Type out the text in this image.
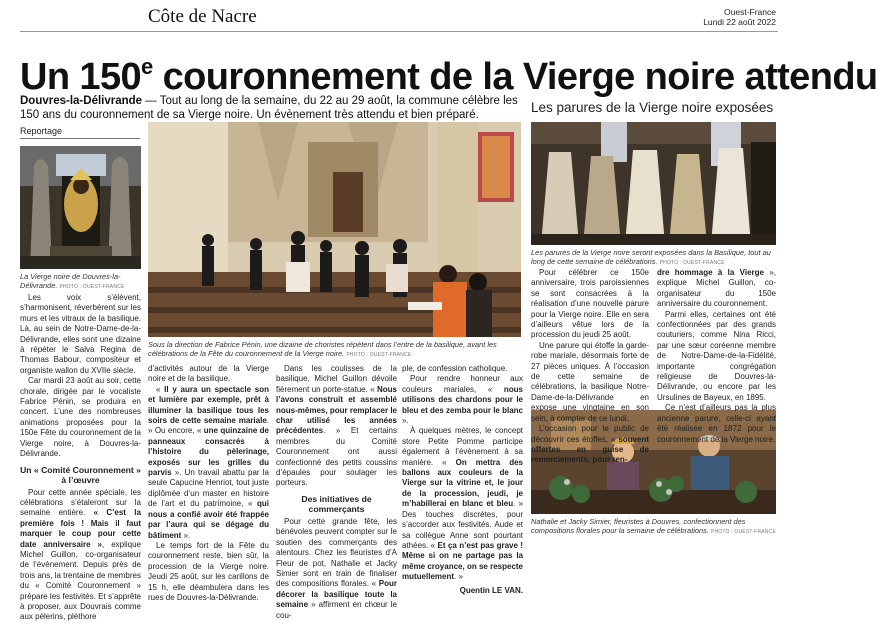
Côte de Nacre	Ouest-France
Lundi 22 août 2022
Un 150e couronnement de la Vierge noire attendu
Douvres-la-Délivrande — Tout au long de la semaine, du 22 au 29 août, la commune célèbre les 150 ans du couronnement de sa Vierge noire. Un évènement très attendu et bien préparé.	Les parures de la Vierge noire exposées
Reportage
La Vierge noire de Douvres-la-Délivrande. PHOTO : OUEST-FRANCE
Sous la direction de Fabrice Pénin, une dizaine de choristes répètent dans l’entre de la basilique, avant les célébrations de la Fête du couronnement de la Vierge noire. PHOTO : OUEST-FRANCE
Les parures de la Vierge noire seront exposées dans la Basilique, tout au long de cette semaine de célébrations. PHOTO : OUEST-FRANCE
Nathalie et Jacky Simier, fleuristes à Douvres, confectionnent des compositions florales pour la semaine de célébrations. PHOTO : OUEST-FRANCE

Les voix s’élèvent, s’harmonisent, réverbèrent sur les murs et les vitraux de la basilique. Là, au sein de Notre-Dame-de-la-Délivrande, elles sont une dizaine à répéter le Salva Regina de Thomas Babour, compositeur et organiste wallon du XVIIe siècle.

Car mardi 23 août au soir, cette chorale, dirigée par le vocaliste Fabrice Pénin, se produira en concert. L’une des nombreuses animations proposées pour la 150e Fête du couronnement de la Vierge noire, à Douvres-la-Délivrande.

Un « Comité Couronnement » à l’œuvre

Pour cette année spéciale, les célébrations s’étaleront sur la semaine entière. « C’est la première fois ! Mais il faut marquer le coup pour cette date anniversaire », explique Michel Guillon, co-organisateur de l’évènement. Depuis près de trois ans, la trentaine de membres du « Comité Couronnement » prépare les festivités. Et s’apprête à proposer, aux Douvrais comme aux pèlerins, pléthore

d’activités autour de la Vierge noire et de la basilique.

« Il y aura un spectacle son et lumière par exemple, prêt à illuminer la basilique tous les soirs de cette semaine mariale. » Ou encore, « une quinzaine de panneaux consacrés à l’histoire du pèlerinage, exposés sur les grilles du parvis ». Un travail abattu par la seule Capucine Henriot, tout juste diplômée d’un master en histoire de l’art et du patrimoine, « qui nous a confié avoir été frappée par l’aura qui se dégage du bâtiment ».

Le temps fort de la Fête du couronnement reste, bien sûr, la procession de la Vierge noire. Jeudi 25 août, sur les carillons de 15 h, elle déambulera dans les rues de Douvres-la-Délivrande.

Dans les coulisses de la basilique, Michel Guillon dévoile fièrement un porte-statue. « Nous l’avons construit et assemblé nous-mêmes, pour remplacer le char utilisé les années précédentes. » Et certains membres du Comité Couronnement ont aussi confectionné des petits coussins d’épaules pour soulager les porteurs.

Des initiatives de commerçants

Pour cette grande fête, les bénévoles peuvent compter sur le soutien des commerçants des alentours. Chez les fleuristes d’A Fleur de pot, Nathalie et Jacky Simier sont en train de finaliser des compositions florales. « Pour décorer la basilique toute la semaine » affirment en chœur le cou-

ple, de confession catholique.

Pour rendre honneur aux couleurs mariales, « nous utilisons des chardons pour le bleu et des zemba pour le blanc ».

À quelques mètres, le concept store Petite Pomme participe également à l’évènement à sa manière. « On mettra des ballons aux couleurs de la Vierge sur la vitrine et, le jour de la procession, jeudi, je m’habillerai en blanc et bleu. » Des touches discrètes, pour s’accorder aux festivités. Aude et sa collègue Anne sont pourtant athées. « Et ça n’est pas grave ! Même si on ne partage pas la même croyance, on se respecte mutuellement. »

Quentin LE VAN.

Pour célébrer ce 150e anniversaire, trois paroissiennes se sont consacrées à la réalisation d’une nouvelle parure pour la Vierge noire. Elle en sera d’ailleurs vêtue lors de la procession du jeudi 25 août.

Une parure qui étoffe la garde-robe mariale, désormais forte de 27 pièces uniques. À l’occasion de cette semaine de célébrations, la basilique Notre-Dame-de-la-Délivrande en expose une vingtaine en son sein, à compter de ce lundi.

L’occasion pour le public de découvrir ces étoffes, « souvent offertes en guise de remerciements, pour ren-

dre hommage à la Vierge », explique Michel Guillon, co-organisateur du 150e anniversaire du couronnement.

Parmi elles, certaines ont été confectionnées par des grands couturiers, comme Nina Ricci, par une sœur coréenne membre de Notre-Dame-de-la-Fidélité, importante congrégation religieuse de Douvres-la-Délivrande, ou encore par les Ursulines de Bayeux, en 1895.

Ce n’est d’ailleurs pas la plus ancienne parure, celle-ci ayant été réalisée en 1872 pour le couronnement de la Vierge noire.
